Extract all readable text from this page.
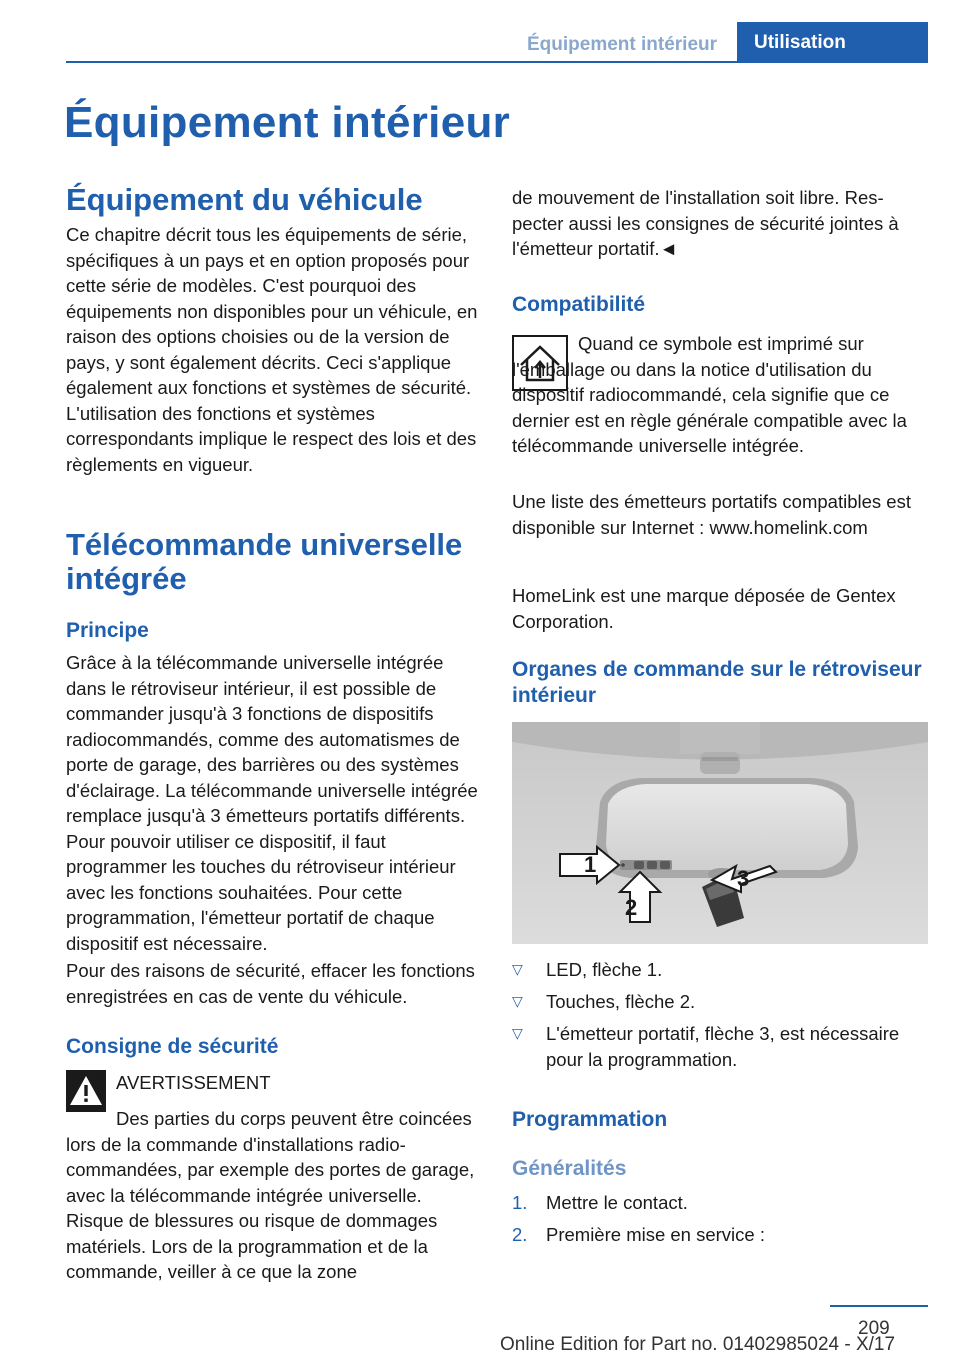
Équipement intérieur	Utilisation
Équipement intérieur
Équipement du véhicule

Ce chapitre décrit tous les équipements de série, spécifiques à un pays et en option proposés pour cette série de modèles. C'est pourquoi des équipements non disponibles pour un véhicule, en raison des options choisies ou de la version de pays, y sont également décrits. Ceci s'applique également aux fonctions et systèmes de sécurité. L'utilisation des fonctions et systèmes correspondants implique le respect des lois et des règlements en vigueur.

Télécommande universelle intégrée
Principe

Grâce à la télécommande universelle intégrée dans le rétroviseur intérieur, il est possible de commander jusqu'à 3 fonctions de dispositifs radiocommandés, comme des automatismes de porte de garage, des barrières ou des systèmes d'éclairage. La télécommande universelle intégrée remplace jusqu'à 3 émetteurs portatifs différents. Pour pouvoir utiliser ce dispositif, il faut programmer les touches du rétroviseur intérieur avec les fonctions souhaitées. Pour cette programmation, l'émetteur portatif de chaque dispositif est nécessaire.

Pour des raisons de sécurité, effacer les fonctions enregistrées en cas de vente du véhicule.

Consigne de sécurité

AVERTISSEMENT

Des parties du corps peuvent être coincées lors de la commande d'installations radiocommandées, par exemple des portes de garage, avec la télécommande intégrée universelle. Risque de blessures ou risque de dommages matériels. Lors de la programmation et de la commande, veiller à ce que la zone

de mouvement de l'installation soit libre. Respecter aussi les consignes de sécurité jointes à l'émetteur portatif.◄

Compatibilité

Quand ce symbole est imprimé sur l'emballage ou dans la notice d'utilisation du dispositif radiocommandé, cela signifie que ce dernier est en règle générale compatible avec la télécommande universelle intégrée.

Une liste des émetteurs portatifs compatibles est disponible sur Internet : www.homelink.com

HomeLink est une marque déposée de Gentex Corporation.

Organes de commande sur le rétroviseur intérieur
1
2
3
▽ LED, flèche 1.
▽ Touches, flèche 2.
▽ L'émetteur portatif, flèche 3, est nécessaire pour la programmation.
Programmation
Généralités
1. Mettre le contact.
2. Première mise en service :
209
Online Edition for Part no. 01402985024 - X/17
